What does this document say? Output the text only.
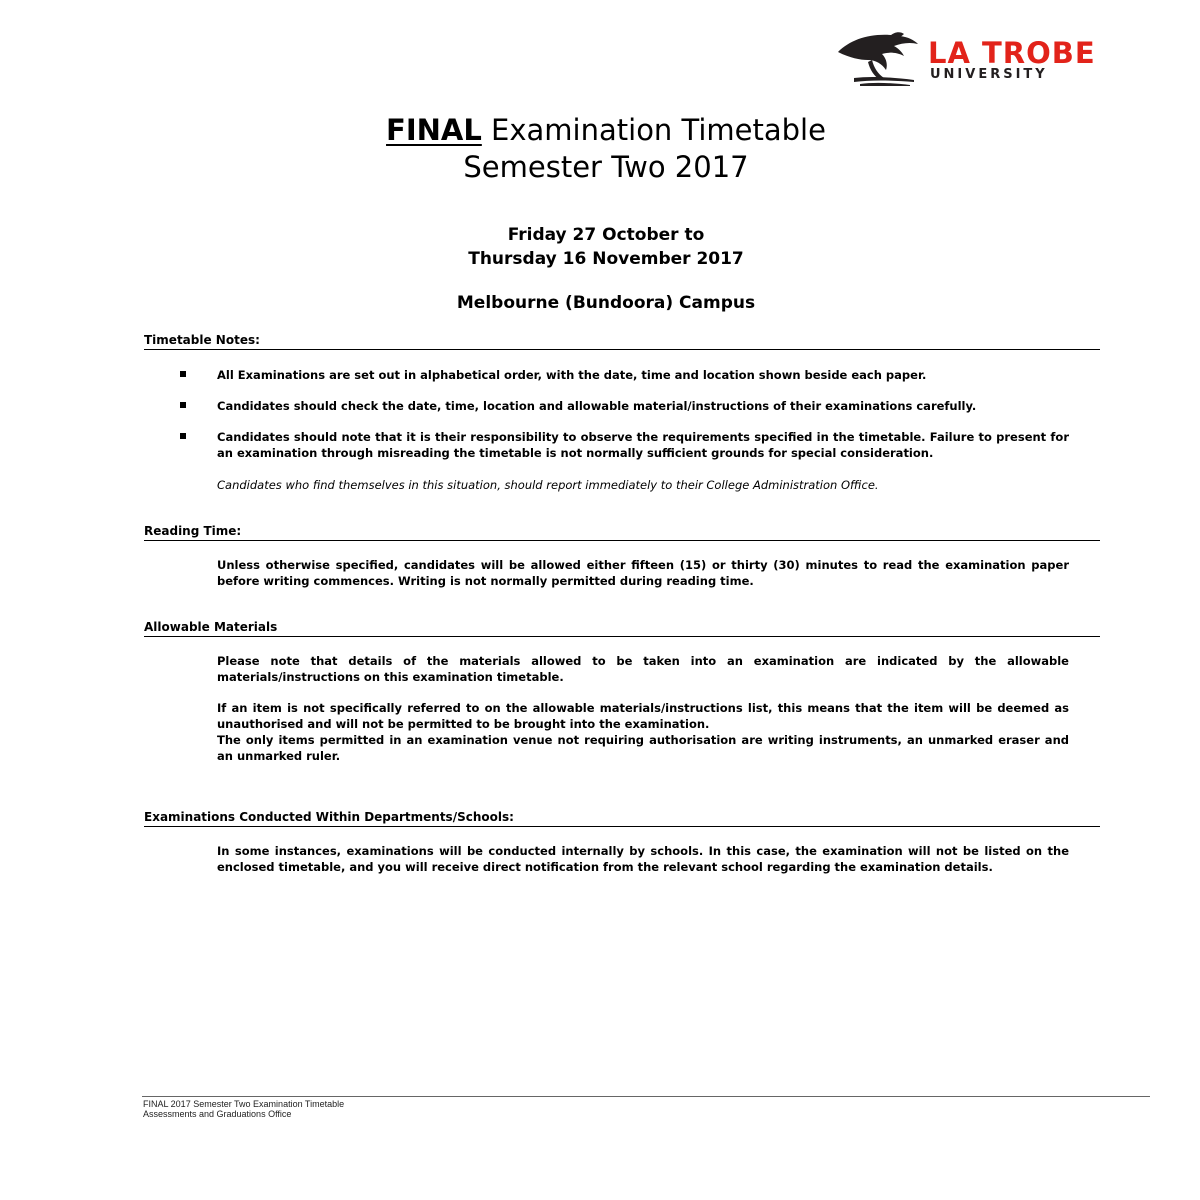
LA TROBE
UNIVERSITY
FINAL Examination Timetable
Semester Two 2017
Friday 27 October to
Thursday 16 November 2017
Melbourne (Bundoora) Campus
Timetable Notes:
All Examinations are set out in alphabetical order, with the date, time and location shown beside each paper.
Candidates should check the date, time, location and allowable material/instructions of their examinations carefully.
Candidates should note that it is their responsibility to observe the requirements specified in the timetable. Failure to present for an examination through misreading the timetable is not normally sufficient grounds for special consideration.
Candidates who find themselves in this situation, should report immediately to their College Administration Office.
Reading Time:
Unless otherwise specified, candidates will be allowed either fifteen (15) or thirty (30) minutes to read the examination paper before writing commences. Writing is not normally permitted during reading time.
Allowable Materials
Please note that details of the materials allowed to be taken into an examination are indicated by the allowable materials/instructions on this examination timetable.
If an item is not specifically referred to on the allowable materials/instructions list, this means that the item will be deemed as unauthorised and will not be permitted to be brought into the examination.
The only items permitted in an examination venue not requiring authorisation are writing instruments, an unmarked eraser and an unmarked ruler.
Examinations Conducted Within Departments/Schools:
In some instances, examinations will be conducted internally by schools. In this case, the examination will not be listed on the enclosed timetable, and you will receive direct notification from the relevant school regarding the examination details.
FINAL 2017 Semester Two Examination Timetable
Assessments and Graduations Office
